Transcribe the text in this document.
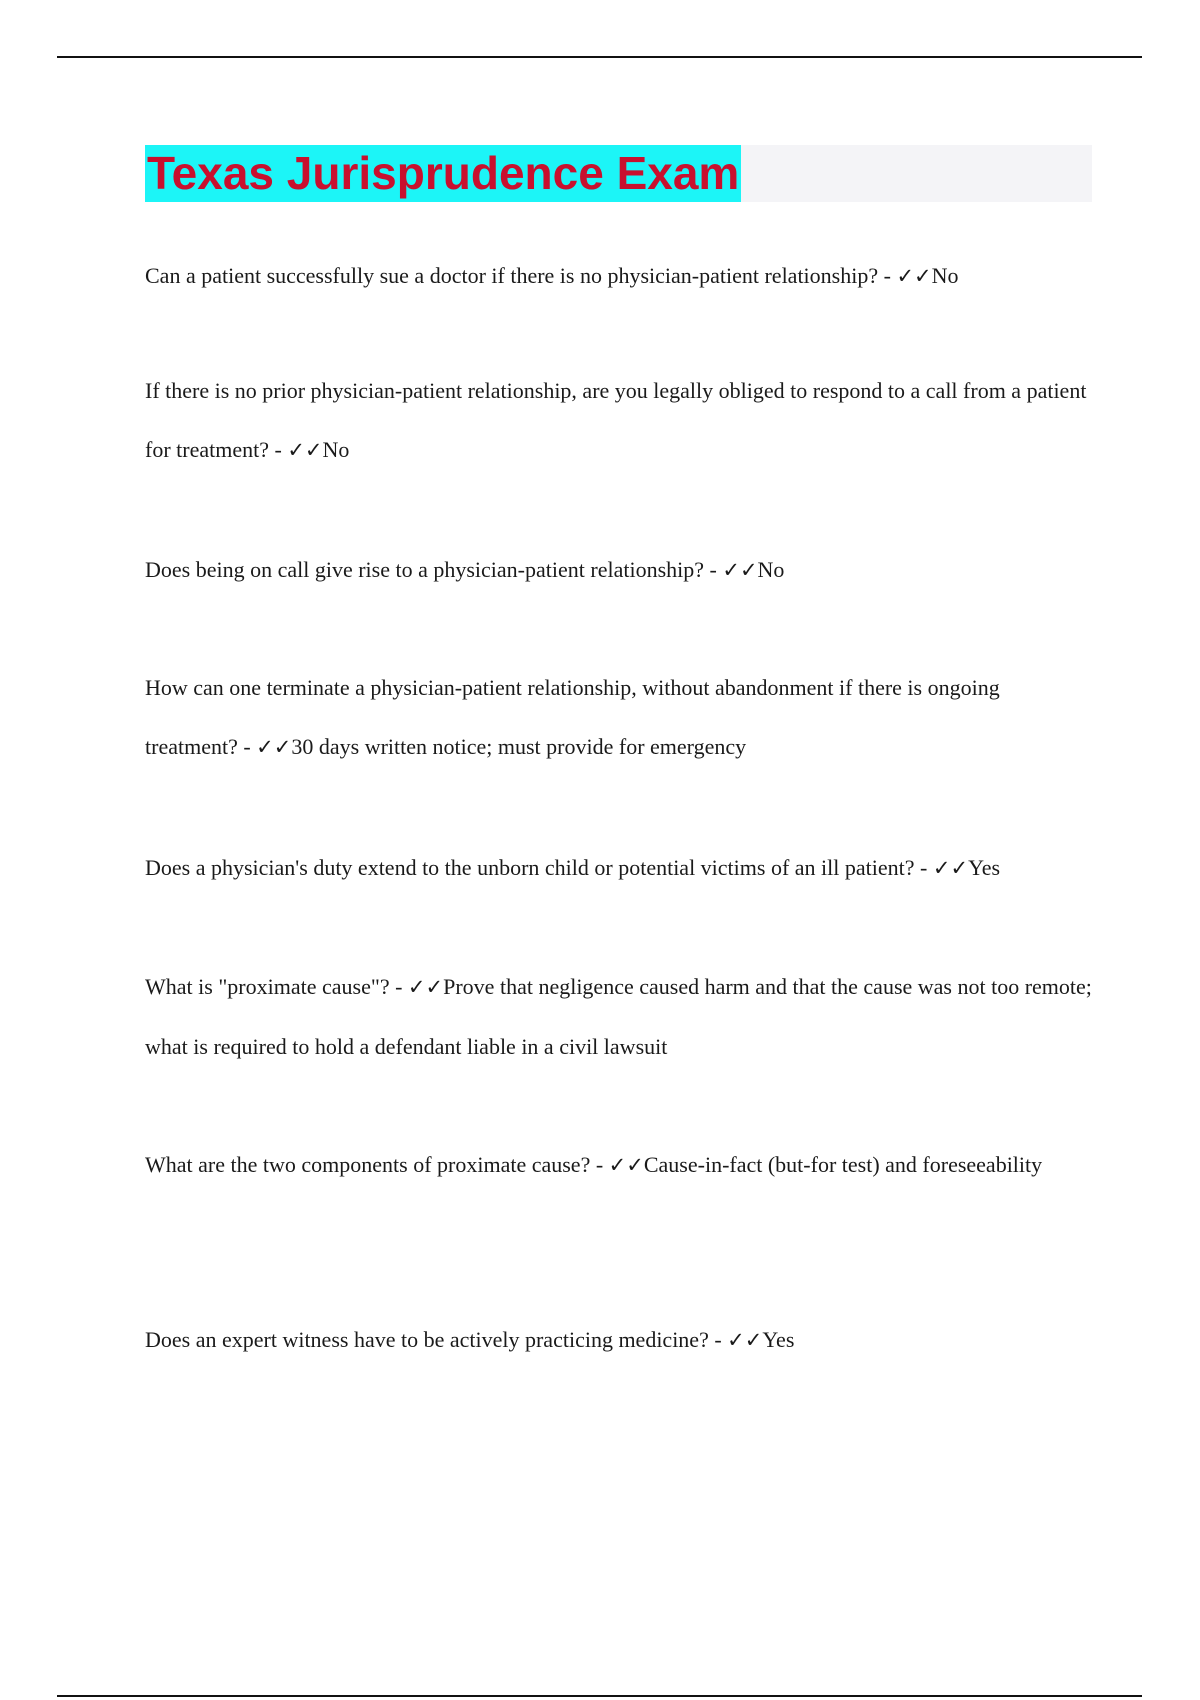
Texas Jurisprudence Exam

Can a patient successfully sue a doctor if there is no physician-patient relationship? - ✓✓No

If there is no prior physician-patient relationship, are you legally obliged to respond to a call from a patient for treatment? - ✓✓No

Does being on call give rise to a physician-patient relationship? - ✓✓No

How can one terminate a physician-patient relationship, without abandonment if there is ongoing treatment? - ✓✓30 days written notice; must provide for emergency

Does a physician's duty extend to the unborn child or potential victims of an ill patient? - ✓✓Yes

What is "proximate cause"? - ✓✓Prove that negligence caused harm and that the cause was not too remote; what is required to hold a defendant liable in a civil lawsuit

What are the two components of proximate cause? - ✓✓Cause-in-fact (but-for test) and foreseeability

Does an expert witness have to be actively practicing medicine? - ✓✓Yes
